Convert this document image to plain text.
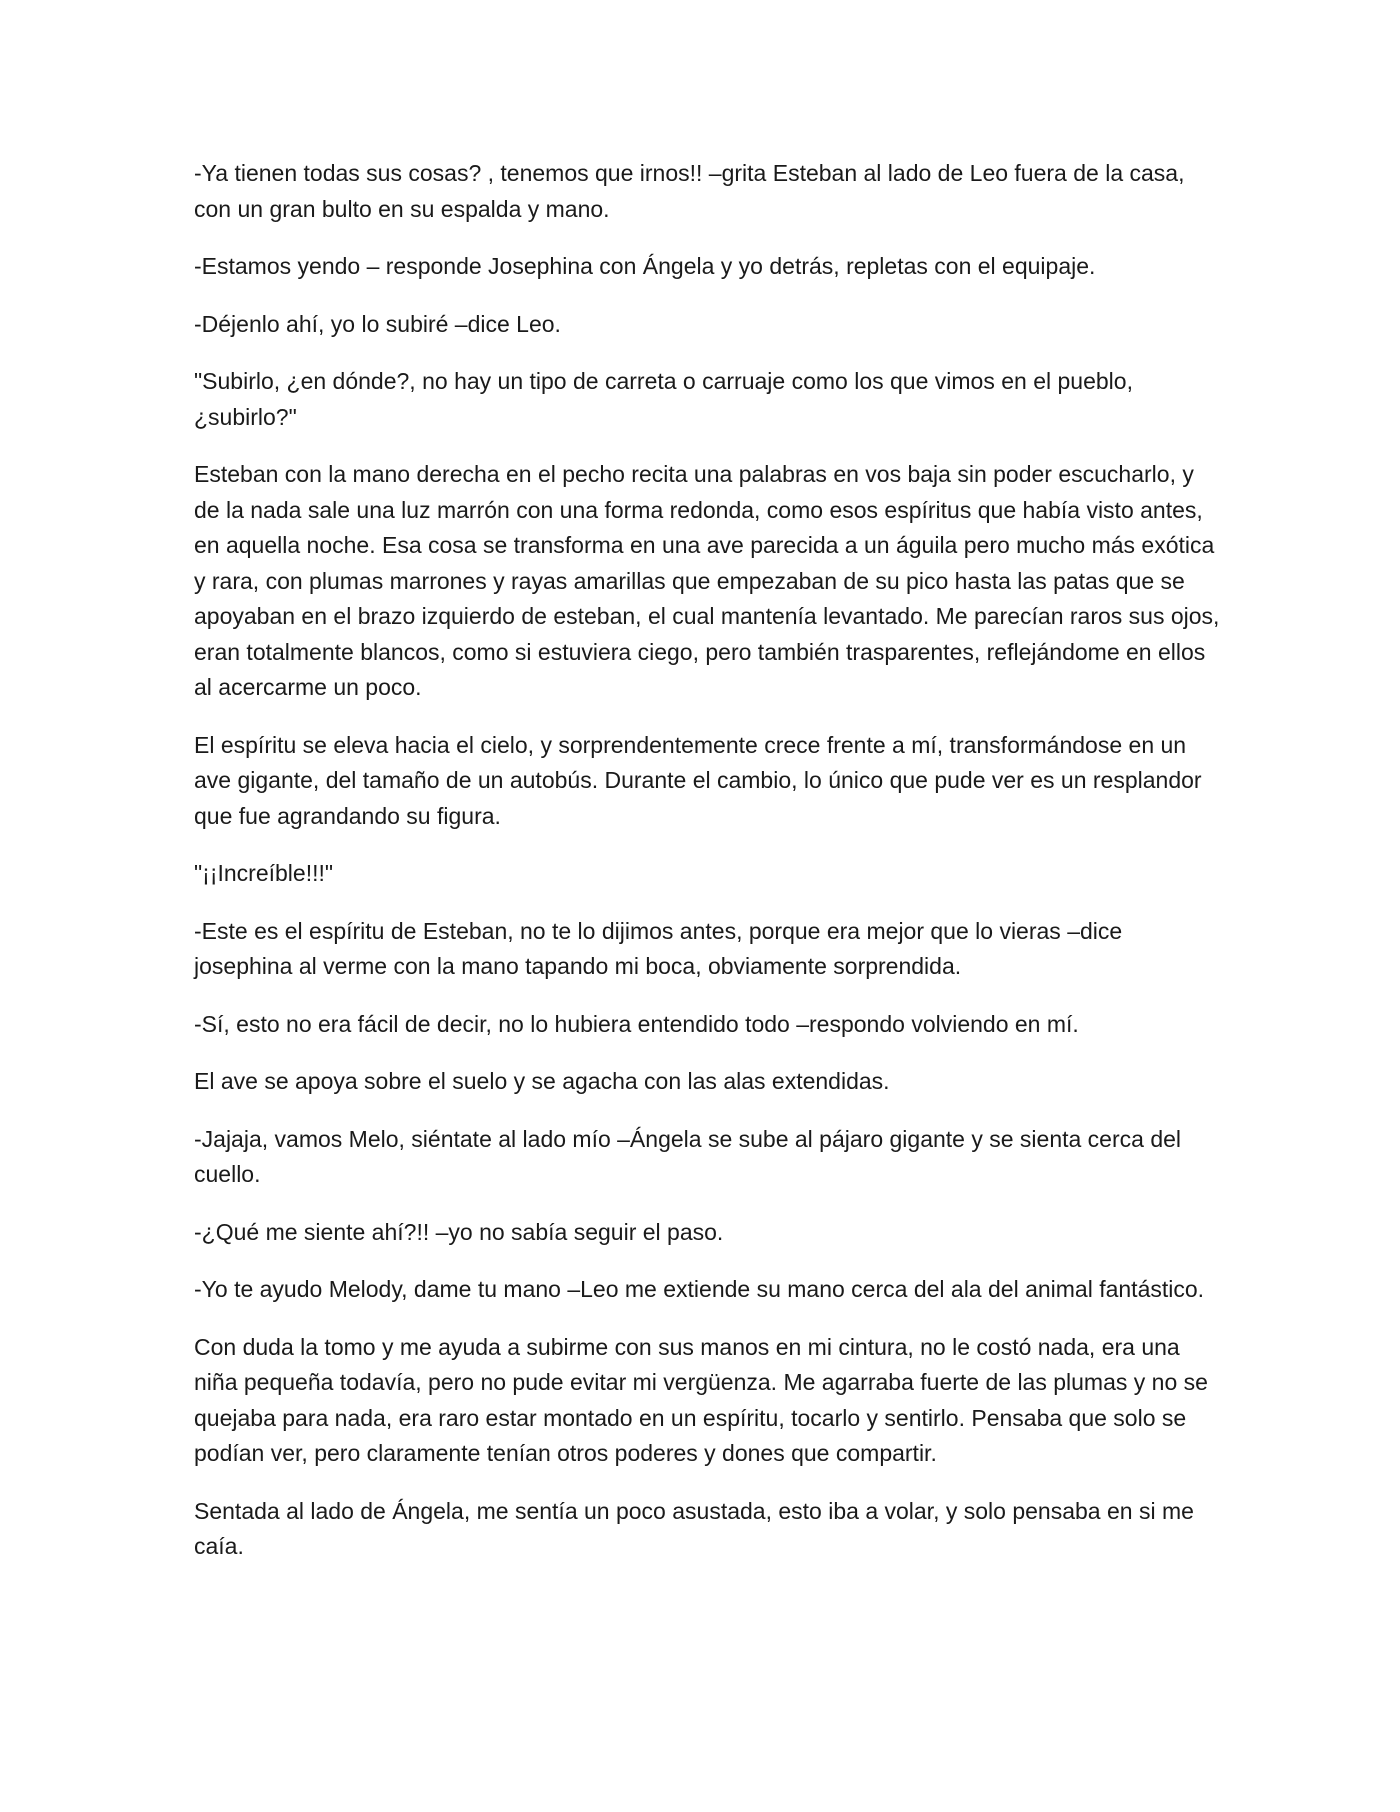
-Ya tienen todas sus cosas? , tenemos que irnos!! –grita Esteban al lado de Leo fuera de la casa, con un gran bulto en su espalda y mano.

-Estamos yendo – responde Josephina con Ángela y yo detrás, repletas con el equipaje.

-Déjenlo ahí, yo lo subiré –dice Leo.

"Subirlo, ¿en dónde?, no hay un tipo de carreta o carruaje como los que vimos en el pueblo, ¿subirlo?"

Esteban con la mano derecha en el pecho recita una palabras en vos baja sin poder escucharlo, y de la nada sale una luz marrón con una forma redonda, como esos espíritus que había visto antes, en aquella noche. Esa cosa se transforma en una ave parecida a un águila pero mucho más exótica y rara, con plumas marrones y rayas amarillas que empezaban de su pico hasta las patas que se apoyaban en el brazo izquierdo de esteban, el cual mantenía levantado. Me parecían raros sus ojos, eran totalmente blancos, como si estuviera ciego, pero también trasparentes, reflejándome en ellos al acercarme un poco.

El espíritu se eleva hacia el cielo, y sorprendentemente crece frente a mí, transformándose en un ave gigante, del tamaño de un autobús. Durante el cambio, lo único que pude ver es un resplandor que fue agrandando su figura.

"¡¡Increíble!!!"

-Este es el espíritu de Esteban, no te lo dijimos antes, porque era mejor que lo vieras –dice josephina al verme con la mano tapando mi boca, obviamente sorprendida.

-Sí, esto no era fácil de decir, no lo hubiera entendido todo –respondo volviendo en mí.

El ave se apoya sobre el suelo y se agacha con las alas extendidas.

-Jajaja, vamos Melo, siéntate al lado mío –Ángela se sube al pájaro gigante y se sienta cerca del cuello.

-¿Qué me siente ahí?!! –yo no sabía seguir el paso.

-Yo te ayudo Melody, dame tu mano –Leo me extiende su mano cerca del ala del animal fantástico.

Con duda la tomo y me ayuda a subirme con sus manos en mi cintura, no le costó nada, era una niña pequeña todavía, pero no pude evitar mi vergüenza. Me agarraba fuerte de las plumas y no se quejaba para nada, era raro estar montado en un espíritu, tocarlo y sentirlo. Pensaba que solo se podían ver, pero claramente tenían otros poderes y dones que compartir.

Sentada al lado de Ángela, me sentía un poco asustada, esto iba a volar, y solo pensaba en si me caía.
